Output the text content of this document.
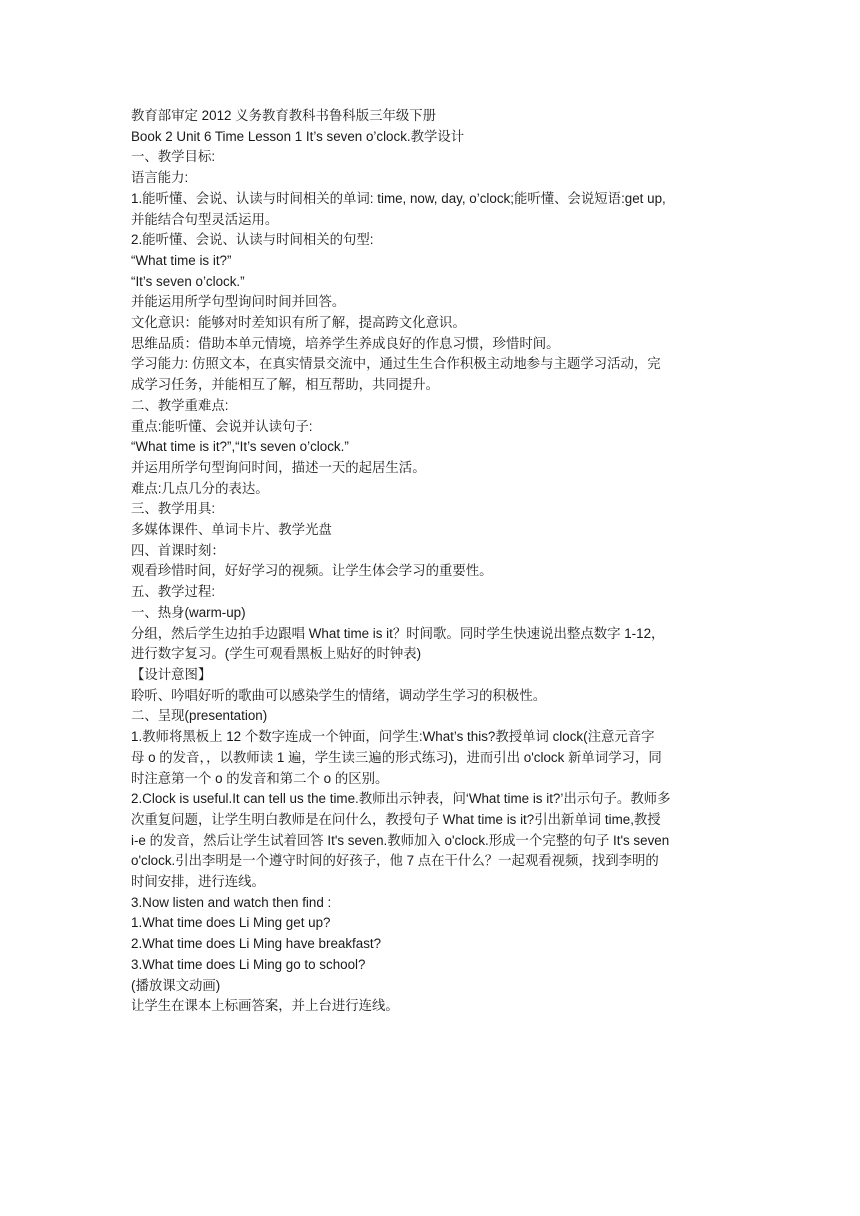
教育部审定 2012 义务教育教科书鲁科版三年级下册
Book 2 Unit 6 Time Lesson 1 It’s seven o’clock.教学设计
一、教学目标:
语言能力:
1.能听懂、会说、认读与时间相关的单词: time, now, day, o’clock;能听懂、会说短语:get up,
并能结合句型灵活运用。
2.能听懂、会说、认读与时间相关的句型:
“What time is it?”
“It’s seven o’clock.”
并能运用所学句型询问时间并回答。
文化意识：能够对时差知识有所了解，提高跨文化意识。
思维品质：借助本单元情境，培养学生养成良好的作息习惯，珍惜时间。
学习能力: 仿照文本，在真实情景交流中，通过生生合作积极主动地参与主题学习活动，完
成学习任务，并能相互了解，相互帮助，共同提升。
二、教学重难点:
重点:能听懂、会说并认读句子:
“What time is it?”,“It’s seven o’clock.”
并运用所学句型询问时间，描述一天的起居生活。
难点:几点几分的表达。
三、教学用具:
多媒体课件、单词卡片、教学光盘
四、首课时刻：
观看珍惜时间，好好学习的视频。让学生体会学习的重要性。
五、教学过程:
一、热身(warm-up)
分组，然后学生边拍手边跟唱 What time is it？时间歌。同时学生快速说出整点数字 1-12，
进行数字复习。(学生可观看黑板上贴好的时钟表)
【设计意图】
聆听、吟唱好听的歌曲可以感染学生的情绪，调动学生学习的积极性。
二、呈现(presentation)
1.教师将黑板上 12 个数字连成一个钟面，问学生:What’s this?教授单词 clock(注意元音字
母 o 的发音，，以教师读 1 遍，学生读三遍的形式练习)，进而引出 o'clock 新单词学习，同
时注意第一个 o 的发音和第二个 o 的区别。
2.Clock is useful.It can tell us the time.教师出示钟表，问‘What time is it?’出示句子。教师多
次重复问题，让学生明白教师是在问什么，教授句子 What time is it?引出新单词 time,教授
i-e 的发音，然后让学生试着回答 It's seven.教师加入 o'clock.形成一个完整的句子 It's seven
o'clock.引出李明是一个遵守时间的好孩子，他 7 点在干什么？一起观看视频，找到李明的
时间安排，进行连线。
3.Now listen and watch then find :
1.What time does Li Ming get up?
2.What time does Li Ming have breakfast?
3.What time does Li Ming go to school?
(播放课文动画)
让学生在课本上标画答案，并上台进行连线。
